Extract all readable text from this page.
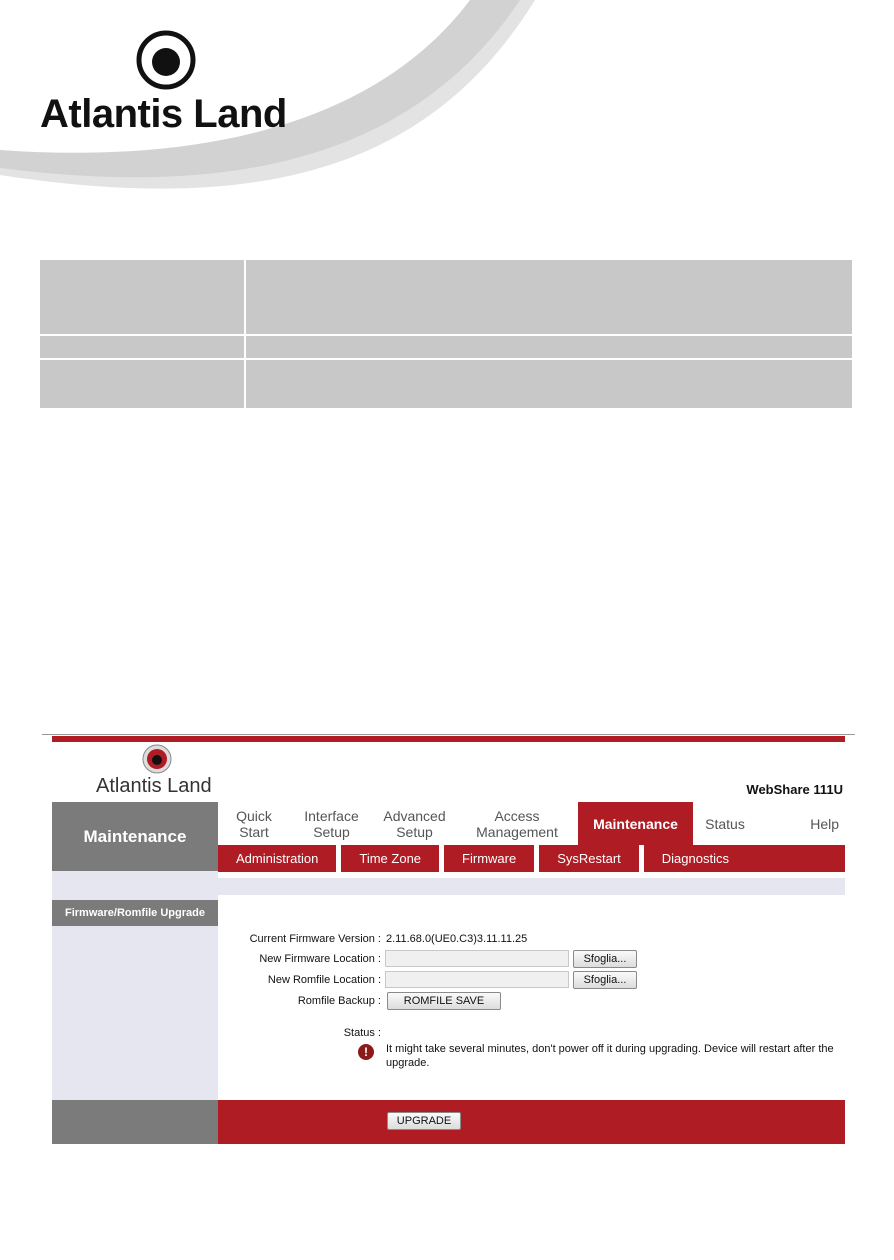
Atlantis Land

Atlantis Land	WebShare 111U
Maintenance
Quick
Start
Interface
Setup
Advanced
Setup
Access
Management	Maintenance Status	Help
Administration	Time Zone	Firmware	SysRestart	Diagnostics
Firmware/Romfile Upgrade
Current Firmware Version : 2.11.68.0(UE0.C3)3.11.11.25
New Firmware Location :	Sfoglia...
New Romfile Location :	Sfoglia...
Romfile Backup :	ROMFILE SAVE
Status :
!	It might take several minutes, don't power off it during upgrading. Device will restart after the upgrade.
UPGRADE
